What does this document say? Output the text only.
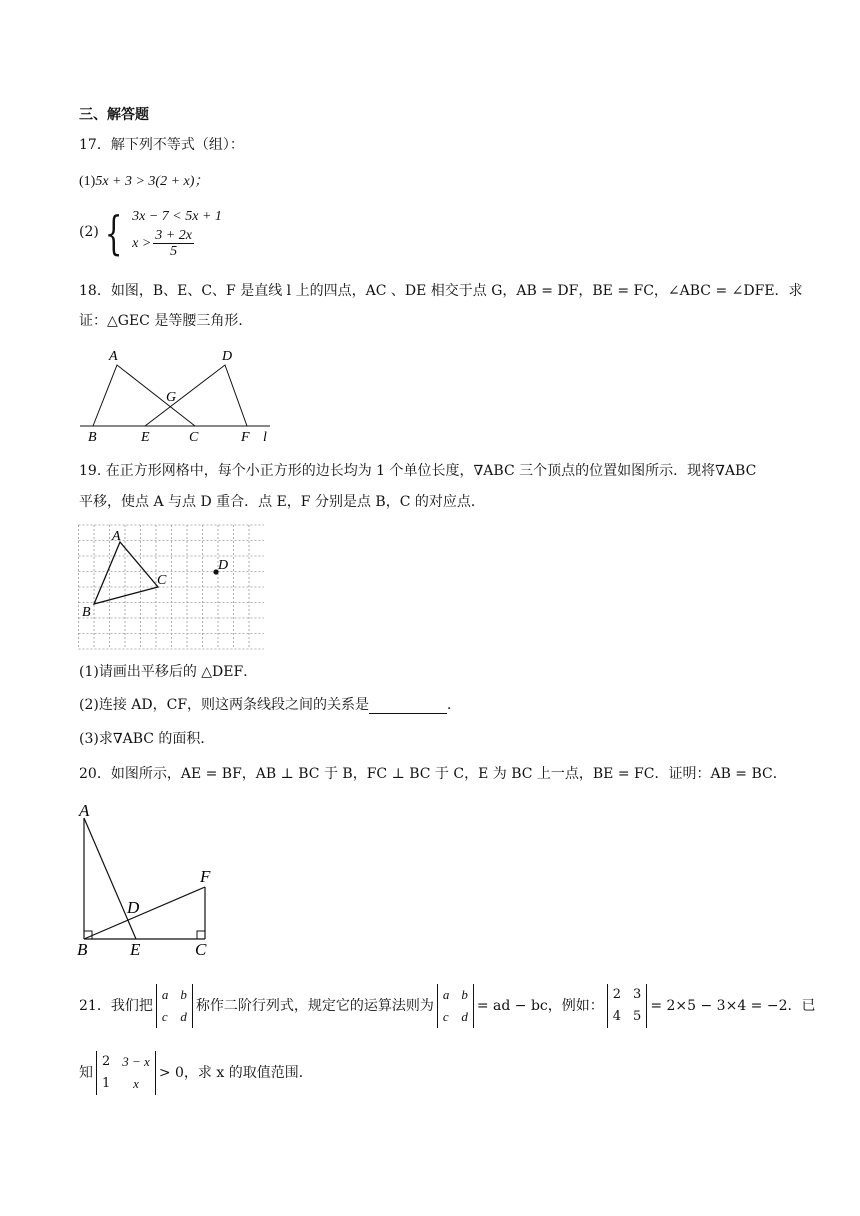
三、解答题
17．解下列不等式（组）：
(1)5x + 3 > 3(2 + x)；
(2) { 3x − 7 < 5x + 1
$x > \frac{3 + 2x}{5}$
18．如图，B、E、C、F 是直线 l 上的四点，AC 、DE 相交于点 G，AB = DF，BE = FC，∠ABC = ∠DFE．求
证：△GEC 是等腰三角形．
A	D
G
B	E	C	F l
19. 在正方形网格中，每个小正方形的边长均为 1 个单位长度，∇ABC 三个顶点的位置如图所示．现将∇ABC
平移，使点 A 与点 D 重合．点 E，F 分别是点 B，C 的对应点．
A
B
C
D
(1)请画出平移后的 △DEF．
(2)连接 AD，CF，则这两条线段之间的关系是	．
(3)求∇ABC 的面积．
20．如图所示，AE = BF，AB ⊥ BC 于 B，FC ⊥ BC 于 C，E 为 BC 上一点，BE = FC．证明：AB = BC．
A
F
D
B	E	C
21 ．我们把
a
c
b
d
称作二阶行列式，规定它的运算法则为
a
c
b
d
= ad − bc，例如：
2
4
3
5
= 2×5 − 3×4 = −2．已
知
2
1
3 − x
x
> 0，求 x 的取值范围．
